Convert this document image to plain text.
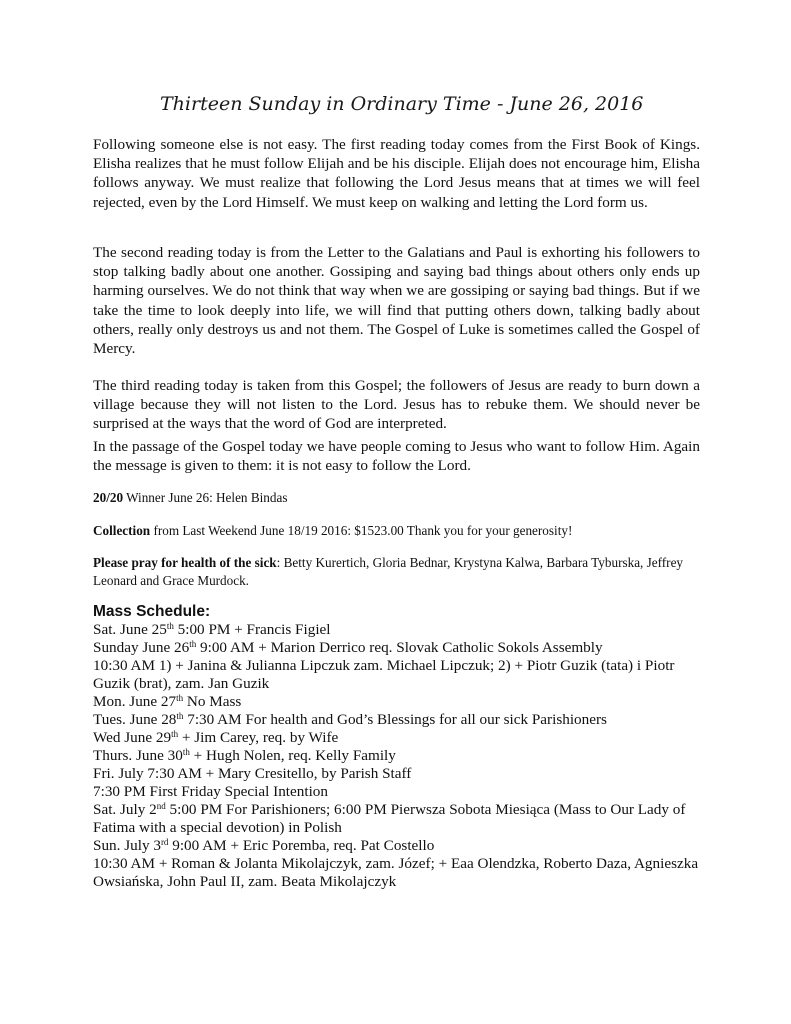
Thirteen Sunday in Ordinary Time - June 26, 2016

Following someone else is not easy. The first reading today comes from the First Book of Kings. Elisha realizes that he must follow Elijah and be his disciple. Elijah does not encourage him, Elisha follows anyway. We must realize that following the Lord Jesus means that at times we will feel rejected, even by the Lord Himself. We must keep on walking and letting the Lord form us.

The second reading today is from the Letter to the Galatians and Paul is exhorting his followers to stop talking badly about one another. Gossiping and saying bad things about others only ends up harming ourselves. We do not think that way when we are gossiping or saying bad things. But if we take the time to look deeply into life, we will find that putting others down, talking badly about others, really only destroys us and not them. The Gospel of Luke is sometimes called the Gospel of Mercy.

The third reading today is taken from this Gospel; the followers of Jesus are ready to burn down a village because they will not listen to the Lord. Jesus has to rebuke them. We should never be surprised at the ways that the word of God are interpreted.

In the passage of the Gospel today we have people coming to Jesus who want to follow Him. Again the message is given to them: it is not easy to follow the Lord.

20/20 Winner June 26: Helen Bindas

Collection from Last Weekend June 18/19 2016: $1523.00 Thank you for your generosity!

Please pray for health of the sick: Betty Kurertich, Gloria Bednar, Krystyna Kalwa, Barbara Tyburska, Jeffrey Leonard and Grace Murdock.

Mass Schedule:
Sat. June 25th 5:00 PM + Francis Figiel
Sunday June 26th 9:00 AM + Marion Derrico req. Slovak Catholic Sokols Assembly
10:30 AM 1) + Janina & Julianna Lipczuk zam. Michael Lipczuk; 2) + Piotr Guzik (tata) i Piotr Guzik (brat), zam. Jan Guzik
Mon. June 27th No Mass
Tues. June 28th 7:30 AM For health and God’s Blessings for all our sick Parishioners
Wed June 29th + Jim Carey, req. by Wife
Thurs. June 30th + Hugh Nolen, req. Kelly Family
Fri. July 7:30 AM + Mary Cresitello, by Parish Staff
7:30 PM First Friday Special Intention
Sat. July 2nd 5:00 PM For Parishioners; 6:00 PM Pierwsza Sobota Miesiąca (Mass to Our Lady of Fatima with a special devotion) in Polish
Sun. July 3rd 9:00 AM + Eric Poremba, req. Pat Costello
10:30 AM + Roman & Jolanta Mikolajczyk, zam. Józef; + Eaa Olendzka, Roberto Daza, Agnieszka Owsiańska, John Paul II, zam. Beata Mikolajczyk
